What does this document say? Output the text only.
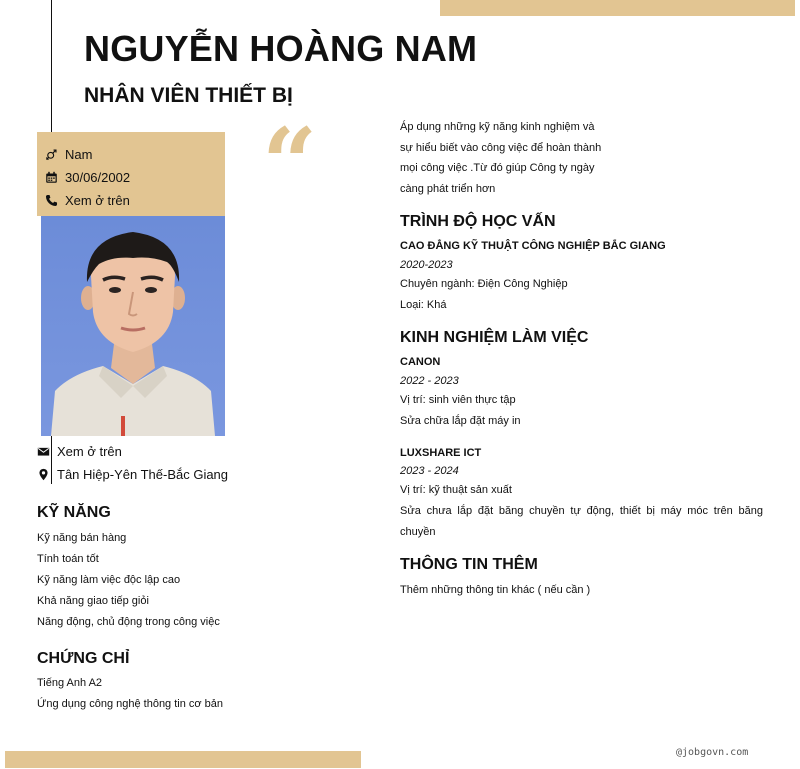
NGUYỄN HOÀNG NAM
NHÂN VIÊN THIẾT BỊ
Nam
30/06/2002
Xem ở trên
Xem ở trên
Tân Hiệp-Yên Thế-Bắc Giang
KỸ NĂNG
Kỹ năng bán hàng
Tính toán tốt
Kỹ năng làm việc độc lập cao
Khả năng giao tiếp giỏi
Năng động, chủ động trong công việc
CHỨNG CHỈ
Tiếng Anh A2
Ứng dụng công nghệ thông tin cơ bản
“	Áp dụng những kỹ năng kinh nghiệm và
sự hiểu biết vào công việc để hoàn thành
mọi công việc .Từ đó giúp Công ty ngày
càng phát triển hơn
TRÌNH ĐỘ HỌC VẤN
CAO ĐẲNG KỸ THUẬT CÔNG NGHIỆP BẮC GIANG
2020-2023
Chuyên ngành: Điện Công Nghiệp
Loại: Khá
KINH NGHIỆM LÀM VIỆC
CANON
2022 - 2023
Vị trí: sinh viên thực tập
Sửa chữa lắp đặt máy in
LUXSHARE ICT
2023 - 2024
Vị trí: kỹ thuật sản xuất
Sửa chưa lắp đặt băng chuyền tự động, thiết bị máy móc trên băng chuyền
THÔNG TIN THÊM
Thêm những thông tin khác ( nếu cần )
@jobgovn.com
